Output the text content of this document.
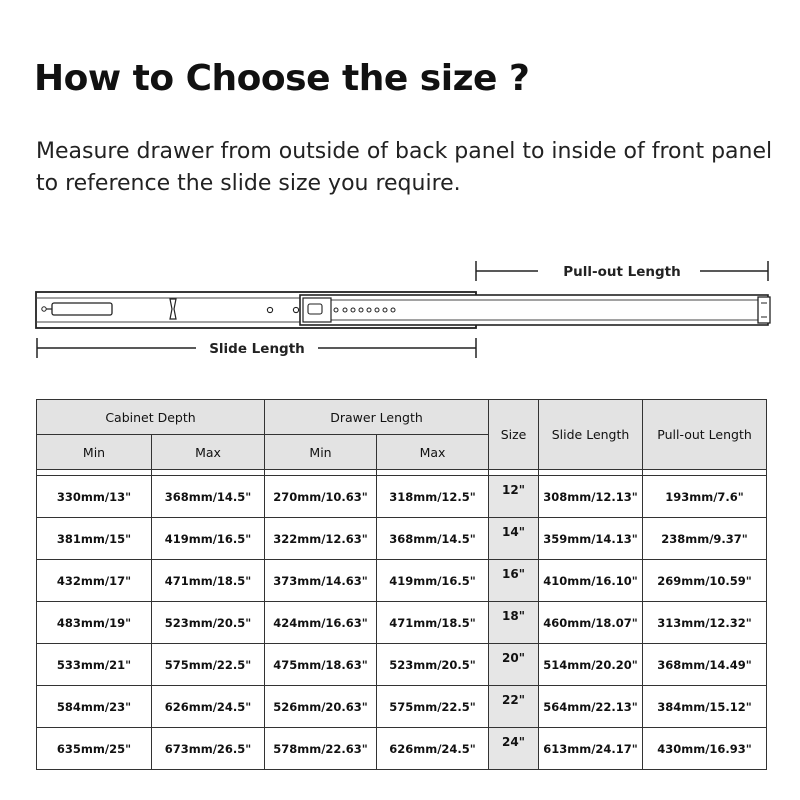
How to Choose the size ?

Measure drawer from outside of back panel to inside of front panel to reference the slide size you require.

Pull-out Length
Slide Length
Cabinet Depth		Drawer Length		Size	Slide Length	Pull-out Length
Min	Max	Min	Max			

330mm/13"	368mm/14.5"	270mm/10.63"	318mm/12.5"	12"	308mm/12.13"	193mm/7.6"
381mm/15"	419mm/16.5"	322mm/12.63"	368mm/14.5"	14"	359mm/14.13"	238mm/9.37"
432mm/17"	471mm/18.5"	373mm/14.63"	419mm/16.5"	16"	410mm/16.10"	269mm/10.59"
483mm/19"	523mm/20.5"	424mm/16.63"	471mm/18.5"	18"	460mm/18.07"	313mm/12.32"
533mm/21"	575mm/22.5"	475mm/18.63"	523mm/20.5"	20"	514mm/20.20"	368mm/14.49"
584mm/23"	626mm/24.5"	526mm/20.63"	575mm/22.5"	22"	564mm/22.13"	384mm/15.12"
635mm/25"	673mm/26.5"	578mm/22.63"	626mm/24.5"	24"	613mm/24.17"	430mm/16.93"
